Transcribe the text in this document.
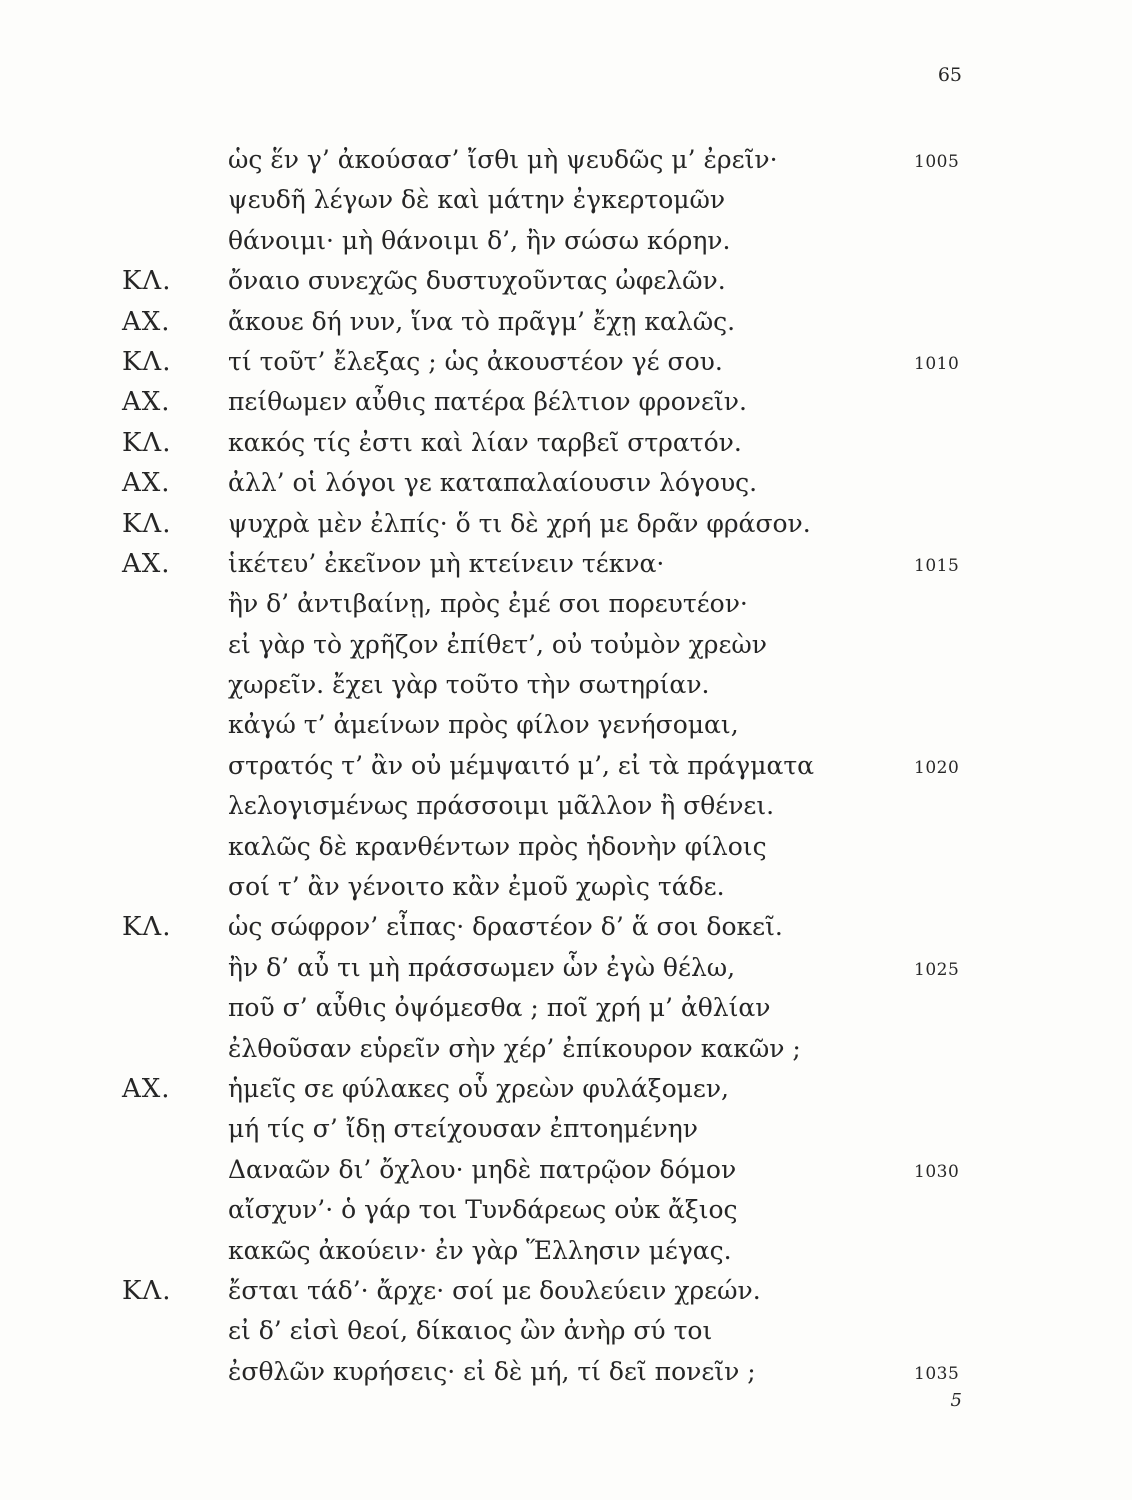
65
ὡς ἕν γ’ ἀκούσασ’ ἴσθι μὴ ψευδῶς μ’ ἐρεῖν·	1005
ψευδῆ λέγων δὲ καὶ μάτην ἐγκερτομῶν
θάνοιμι· μὴ θάνοιμι δ’, ἢν σώσω κόρην.
ΚΛ. ὄναιο συνεχῶς δυστυχοῦντας ὠφελῶν.
ΑΧ. ἄκουε δή νυν, ἵνα τὸ πρᾶγμ’ ἔχῃ καλῶς.
ΚΛ. τί τοῦτ’ ἔλεξας ; ὡς ἀκουστέον γέ σου.	1010
ΑΧ. πείθωμεν αὖθις πατέρα βέλτιον φρονεῖν.
ΚΛ. κακός τίς ἐστι καὶ λίαν ταρβεῖ στρατόν.
ΑΧ. ἀλλ’ οἱ λόγοι γε καταπαλαίουσιν λόγους.
ΚΛ. ψυχρὰ μὲν ἐλπίς· ὅ τι δὲ χρή με δρᾶν φράσον.
ΑΧ. ἱκέτευ’ ἐκεῖνον μὴ κτείνειν τέκνα·	1015
ἢν δ’ ἀντιβαίνῃ, πρὸς ἐμέ σοι πορευτέον·
εἰ γὰρ τὸ χρῆζον ἐπίθετ’, οὐ τοὐμὸν χρεὼν
χωρεῖν. ἔχει γὰρ τοῦτο τὴν σωτηρίαν.
κἀγώ τ’ ἀμείνων πρὸς φίλον γενήσομαι,
στρατός τ’ ἂν οὐ μέμψαιτό μ’, εἰ τὰ πράγματα	1020
λελογισμένως πράσσοιμι μᾶλλον ἢ σθένει.
καλῶς δὲ κρανθέντων πρὸς ἡδονὴν φίλοις
σοί τ’ ἂν γένοιτο κἂν ἐμοῦ χωρὶς τάδε.
ΚΛ. ὡς σώφρον’ εἶπας· δραστέον δ’ ἅ σοι δοκεῖ.
ἢν δ’ αὖ τι μὴ πράσσωμεν ὧν ἐγὼ θέλω,	1025
ποῦ σ’ αὖθις ὀψόμεσθα ; ποῖ χρή μ’ ἀθλίαν
ἐλθοῦσαν εὑρεῖν σὴν χέρ’ ἐπίκουρον κακῶν ;
ΑΧ. ἡμεῖς σε φύλακες οὗ χρεὼν φυλάξομεν,
μή τίς σ’ ἴδῃ στείχουσαν ἐπτοημένην
Δαναῶν δι’ ὄχλου· μηδὲ πατρῷον δόμον	1030
αἴσχυν’· ὁ γάρ τοι Τυνδάρεως οὐκ ἄξιος
κακῶς ἀκούειν· ἐν γὰρ Ἕλλησιν μέγας.
ΚΛ. ἔσται τάδ’· ἄρχε· σοί με δουλεύειν χρεών.
εἰ δ’ εἰσὶ θεοί, δίκαιος ὢν ἀνὴρ σύ τοι
ἐσθλῶν κυρήσεις· εἰ δὲ μή, τί δεῖ πονεῖν ;	1035
5
